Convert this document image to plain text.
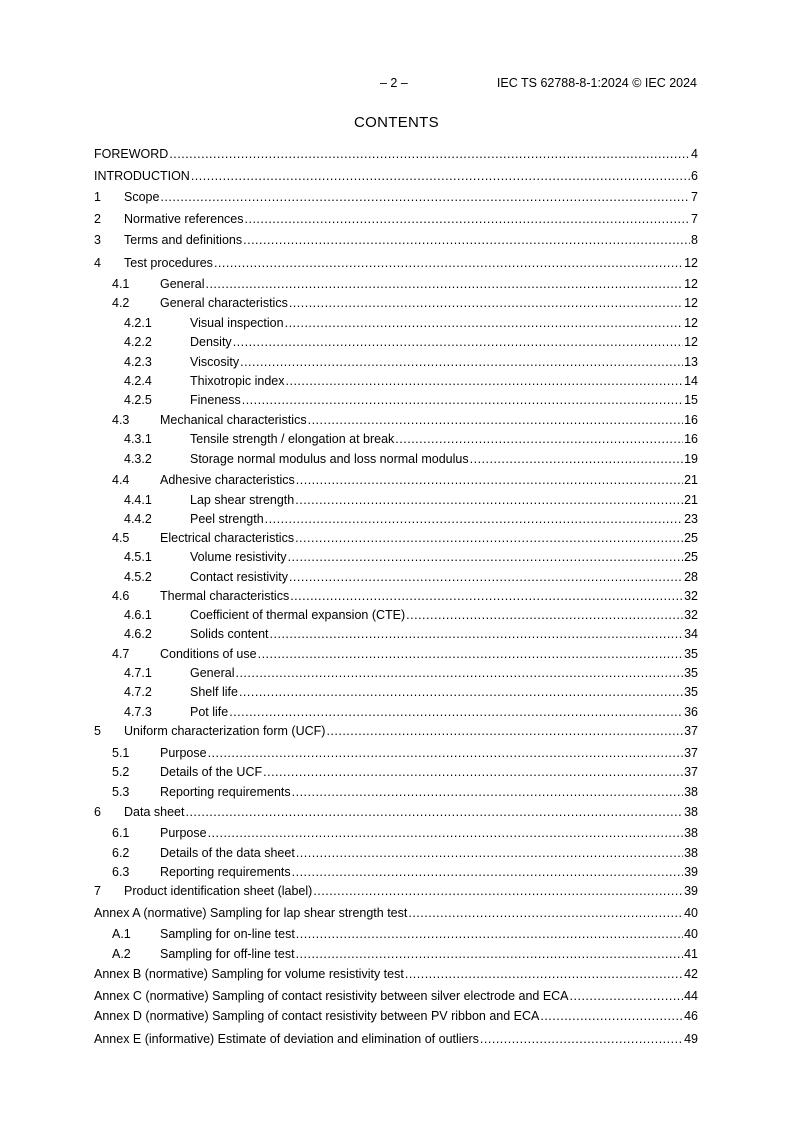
– 2 –	IEC TS 62788-8-1:2024 © IEC 2024
CONTENTS
FOREWORD .....	4
INTRODUCTION .....	6
1	Scope .....	7
2	Normative references .....	7
3	Terms and definitions .....	8
4	Test procedures .....	12
4.1	General .....	12
4.2	General characteristics .....	12
4.2.1	Visual inspection .....	12
4.2.2	Density .....	12
4.2.3	Viscosity .....	13
4.2.4	Thixotropic index .....	14
4.2.5	Fineness .....	15
4.3	Mechanical characteristics .....	16
4.3.1	Tensile strength / elongation at break .....	16
4.3.2	Storage normal modulus and loss normal modulus .....	19
4.4	Adhesive characteristics .....	21
4.4.1	Lap shear strength .....	21
4.4.2	Peel strength .....	23
4.5	Electrical characteristics .....	25
4.5.1	Volume resistivity .....	25
4.5.2	Contact resistivity .....	28
4.6	Thermal characteristics .....	32
4.6.1	Coefficient of thermal expansion (CTE) .....	32
4.6.2	Solids content .....	34
4.7	Conditions of use .....	35
4.7.1	General .....	35
4.7.2	Shelf life .....	35
4.7.3	Pot life .....	36
5	Uniform characterization form (UCF) .....	37
5.1	Purpose .....	37
5.2	Details of the UCF .....	37
5.3	Reporting requirements .....	38
6	Data sheet .....	38
6.1	Purpose .....	38
6.2	Details of the data sheet .....	38
6.3	Reporting requirements .....	39
7	Product identification sheet (label) .....	39
Annex A (normative) Sampling for lap shear strength test .....	40
A.1	Sampling for on-line test .....	40
A.2	Sampling for off-line test .....	41
Annex B (normative) Sampling for volume resistivity test .....	42
Annex C (normative) Sampling of contact resistivity between silver electrode and ECA .....	44
Annex D (normative) Sampling of contact resistivity between PV ribbon and ECA .....	46
Annex E (informative) Estimate of deviation and elimination of outliers .....	49
